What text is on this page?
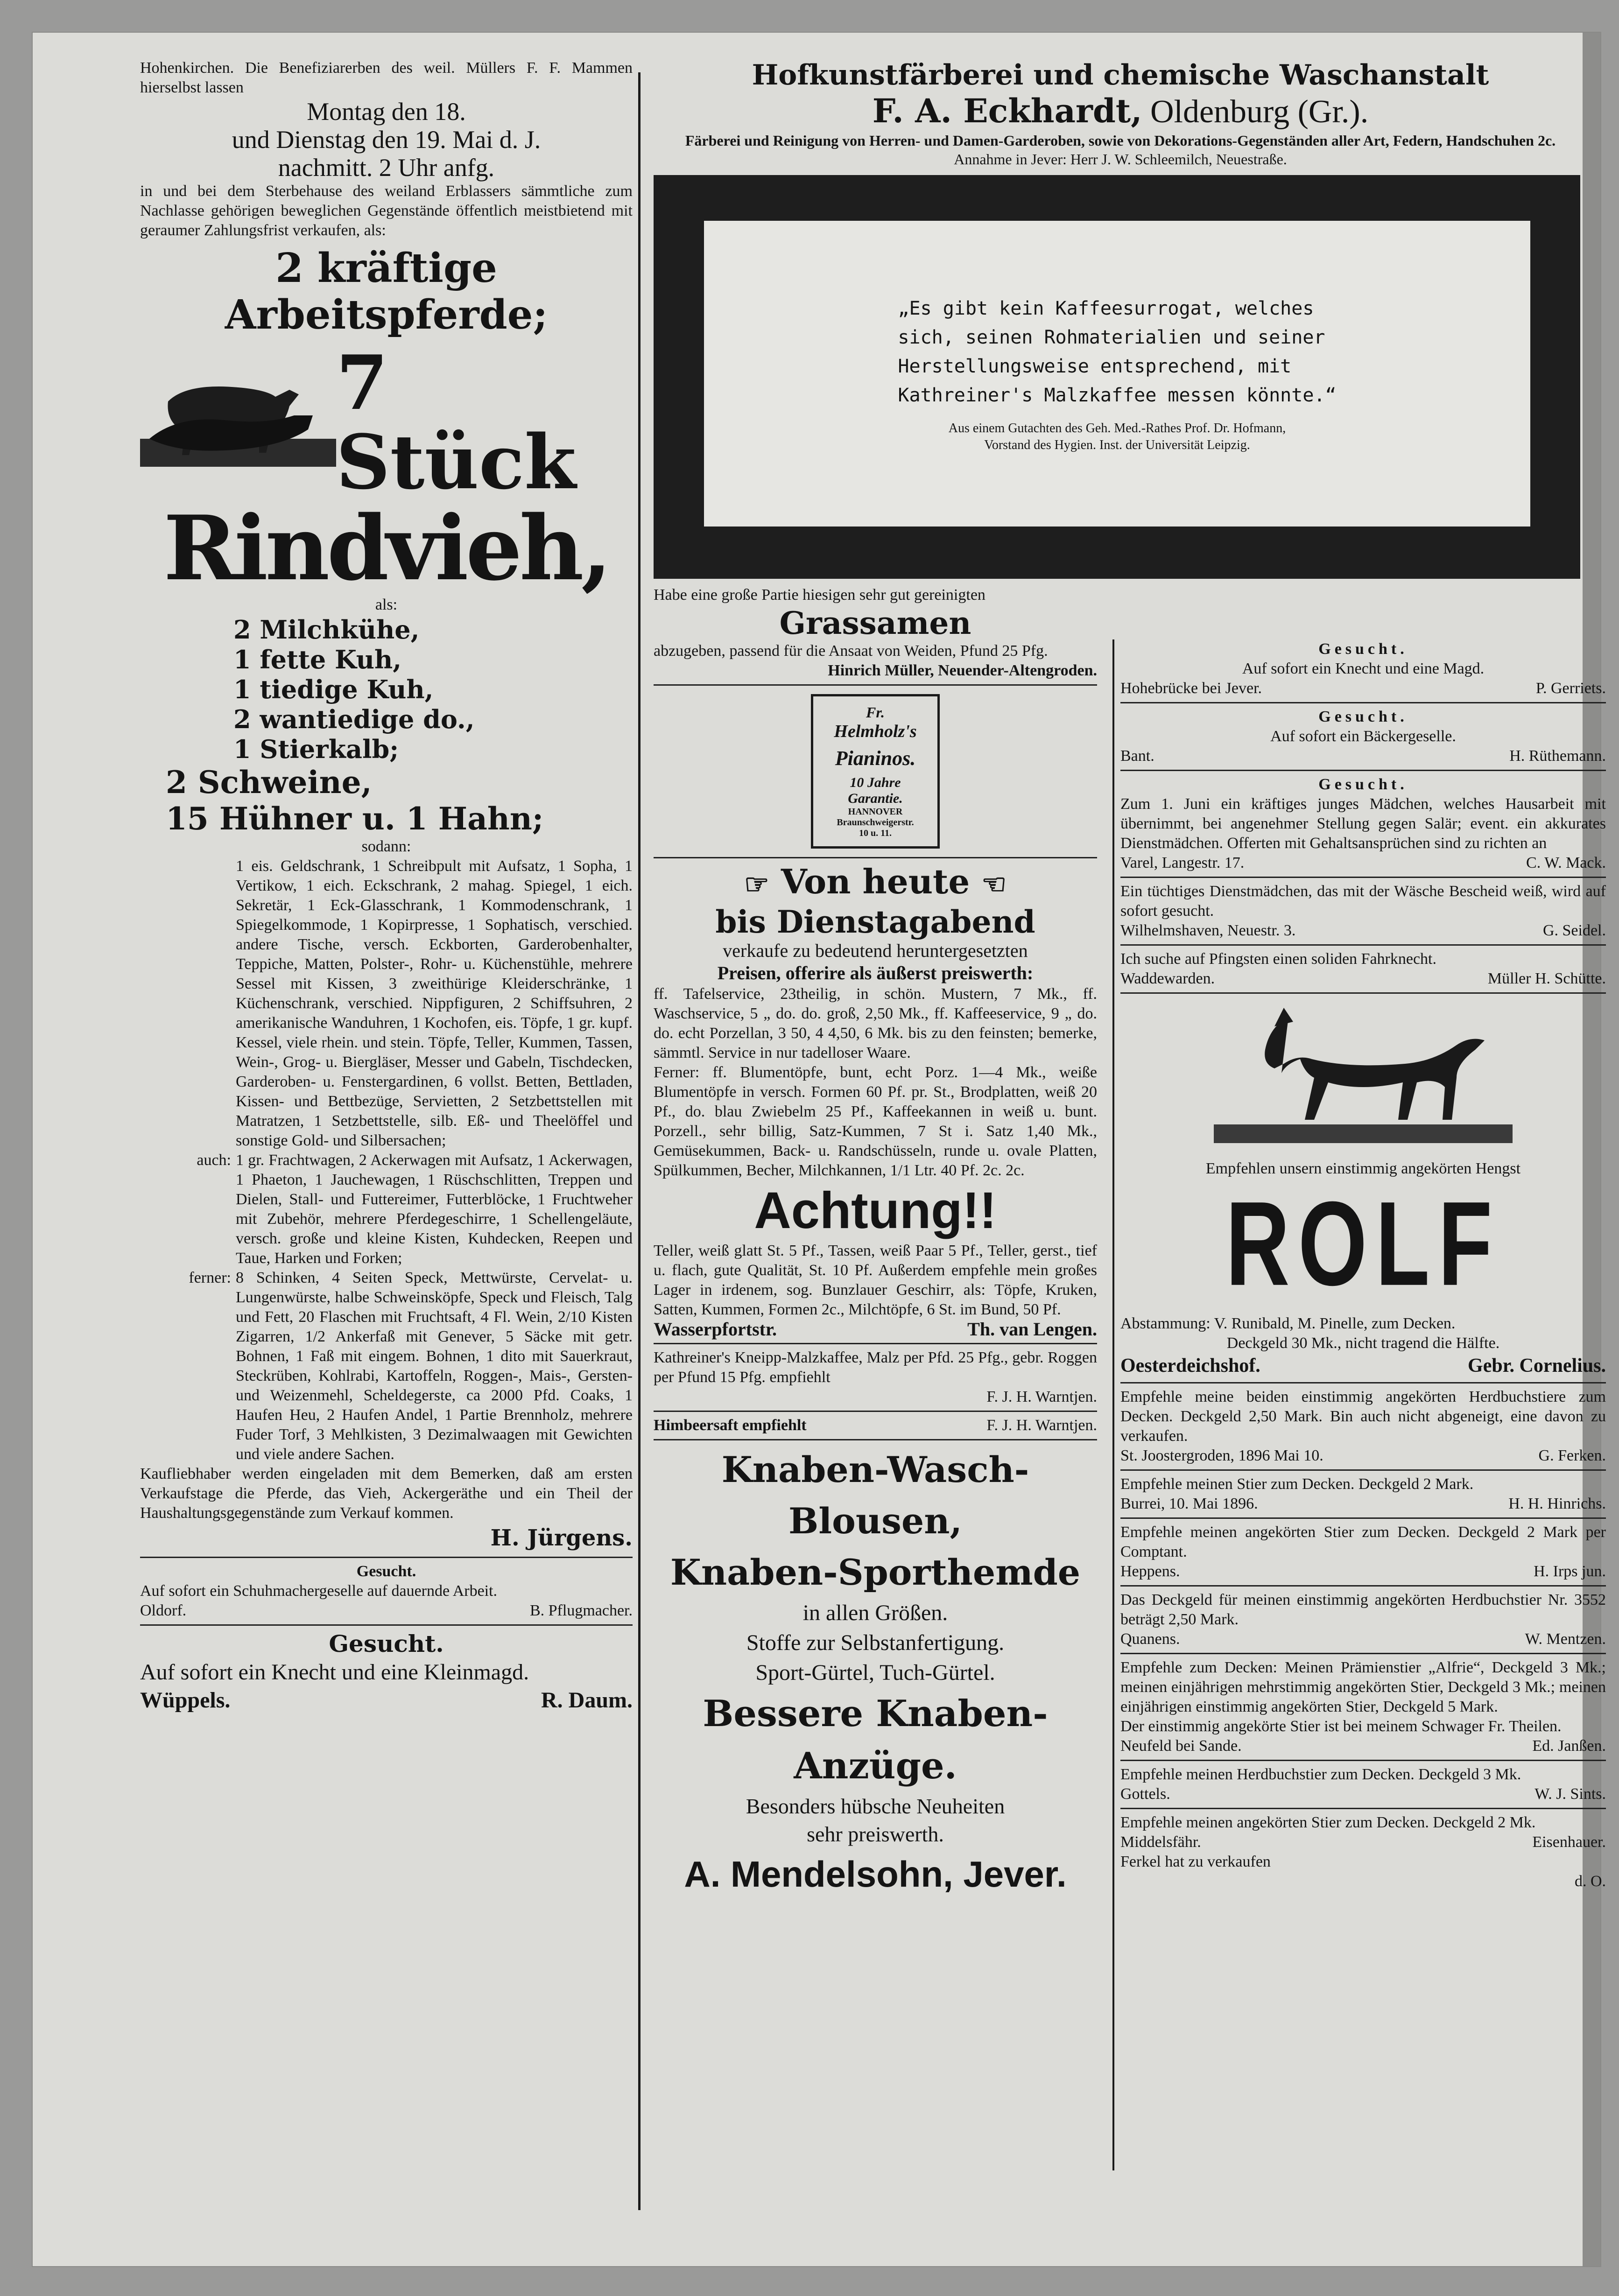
Hohenkirchen. Die Benefiziarerben des weil. Müllers F. F. Mammen hierselbst lassen

Montag den 18.

und Dienstag den 19. Mai d. J.

nachmitt. 2 Uhr anfg.

in und bei dem Sterbehause des weiland Erblassers sämmtliche zum Nachlasse gehörigen beweglichen Gegenstände öffentlich meistbietend mit geraumer Zahlungsfrist verkaufen, als:

2 kräftige

Arbeitspferde;

7 Stück

Rindvieh,

als:

2 Milchkühe,

1 fette Kuh,

1 tiedige Kuh,

2 wantiedige do.,

1 Stierkalb;

2 Schweine,

15 Hühner u. 1 Hahn;

sodann:

1 eis. Geldschrank, 1 Schreibpult mit Aufsatz, 1 Sopha, 1 Vertikow, 1 eich. Eckschrank, 2 mahag. Spiegel, 1 eich. Sekretär, 1 Eck-Glasschrank, 1 Kommodenschrank, 1 Spiegelkommode, 1 Kopirpresse, 1 Sophatisch, verschied. andere Tische, versch. Eckborten, Garderobenhalter, Teppiche, Matten, Polster-, Rohr- u. Küchenstühle, mehrere Sessel mit Kissen, 3 zweithürige Kleiderschränke, 1 Küchenschrank, verschied. Nippfiguren, 2 Schiffsuhren, 2 amerikanische Wanduhren, 1 Kochofen, eis. Töpfe, 1 gr. kupf. Kessel, viele rhein. und stein. Töpfe, Teller, Kummen, Tassen, Wein-, Grog- u. Biergläser, Messer und Gabeln, Tischdecken, Garderoben- u. Fenstergardinen, 6 vollst. Betten, Bettladen, Kissen- und Bettbezüge, Servietten, 2 Setzbettstellen mit Matratzen, 1 Setzbettstelle, silb. Eß- und Theelöffel und sonstige Gold- und Silbersachen;

auch: 1 gr. Frachtwagen, 2 Ackerwagen mit Aufsatz, 1 Ackerwagen, 1 Phaeton, 1 Jauchewagen, 1 Rüschschlitten, Treppen und Dielen, Stall- und Futtereimer, Futterblöcke, 1 Fruchtweher mit Zubehör, mehrere Pferdegeschirre, 1 Schellengeläute, versch. große und kleine Kisten, Kuhdecken, Reepen und Taue, Harken und Forken;

ferner: 8 Schinken, 4 Seiten Speck, Mettwürste, Cervelat- u. Lungenwürste, halbe Schweinsköpfe, Speck und Fleisch, Talg und Fett, 20 Flaschen mit Fruchtsaft, 4 Fl. Wein, 2/10 Kisten Zigarren, 1/2 Ankerfaß mit Genever, 5 Säcke mit getr. Bohnen, 1 Faß mit eingem. Bohnen, 1 dito mit Sauerkraut, Steckrüben, Kohlrabi, Kartoffeln, Roggen-, Mais-, Gersten- und Weizenmehl, Scheldegerste, ca 2000 Pfd. Coaks, 1 Haufen Heu, 2 Haufen Andel, 1 Partie Brennholz, mehrere Fuder Torf, 3 Mehlkisten, 3 Dezimalwaagen mit Gewichten und viele andere Sachen.

Kaufliebhaber werden eingeladen mit dem Bemerken, daß am ersten Verkaufstage die Pferde, das Vieh, Ackergeräthe und ein Theil der Haushaltungsgegenstände zum Verkauf kommen.

H. Jürgens.

Gesucht.

Auf sofort ein Schuhmachergeselle auf dauernde Arbeit.

Oldorf.	B. Pflugmacher.

Gesucht.

Auf sofort ein Knecht und eine Kleinmagd.

Wüppels.	R. Daum.

Hofkunstfärberei und chemische Waschanstalt

F. A. Eckhardt, Oldenburg (Gr.).

Färberei und Reinigung von Herren- und Damen-Garderoben, sowie von Dekorations-Gegenständen aller Art, Federn, Handschuhen 2c.

Annahme in Jever: Herr J. W. Schleemilch, Neuestraße.

„Es gibt kein Kaffeesurrogat, welches

sich, seinen Rohmaterialien und seiner

Herstellungsweise entsprechend, mit

Kathreiner's Malzkaffee messen könnte.“

Aus einem Gutachten des Geh. Med.-Rathes Prof. Dr. Hofmann,

Vorstand des Hygien. Inst. der Universität Leipzig.

Habe eine große Partie hiesigen sehr gut gereinigten

Grassamen

abzugeben, passend für die Ansaat von Weiden, Pfund 25 Pfg.

Hinrich Müller, Neuender-Altengroden.

Fr.
Helmholz's
Pianinos.
10 Jahre
Garantie.
HANNOVER
Braunschweigerstr.
10 u. 11.

☞ Von heute ☜

bis Dienstagabend

verkaufe zu bedeutend heruntergesetzten

Preisen, offerire als äußerst preiswerth:

ff. Tafelservice, 23theilig, in schön. Mustern, 7 Mk., ff. Waschservice, 5 „ do. do. groß, 2,50 Mk., ff. Kaffeeservice, 9 „ do. do. echt Porzellan, 3 50, 4 4,50, 6 Mk. bis zu den feinsten; bemerke, sämmtl. Service in nur tadelloser Waare.

Ferner: ff. Blumentöpfe, bunt, echt Porz. 1—4 Mk., weiße Blumentöpfe in versch. Formen 60 Pf. pr. St., Brodplatten, weiß 20 Pf., do. blau Zwiebelm 25 Pf., Kaffeekannen in weiß u. bunt. Porzell., sehr billig, Satz-Kummen, 7 St i. Satz 1,40 Mk., Gemüsekummen, Back- u. Randschüsseln, runde u. ovale Platten, Spülkummen, Becher, Milchkannen, 1/1 Ltr. 40 Pf. 2c. 2c.

Achtung!!

Teller, weiß glatt St. 5 Pf., Tassen, weiß Paar 5 Pf., Teller, gerst., tief u. flach, gute Qualität, St. 10 Pf. Außerdem empfehle mein großes Lager in irdenem, sog. Bunzlauer Geschirr, als: Töpfe, Kruken, Satten, Kummen, Formen 2c., Milchtöpfe, 6 St. im Bund, 50 Pf.

Wasserpfortstr.	Th. van Lengen.

Kathreiner's Kneipp-Malzkaffee, Malz per Pfd. 25 Pfg., gebr. Roggen per Pfund 15 Pfg. empfiehlt

F. J. H. Warntjen.

Himbeersaft empfiehlt	F. J. H. Warntjen.

Knaben-Wasch-Blousen,

Knaben-Sporthemde

in allen Größen.

Stoffe zur Selbstanfertigung.

Sport-Gürtel, Tuch-Gürtel.

Bessere Knaben-Anzüge.

Besonders hübsche Neuheiten

sehr preiswerth.

A. Mendelsohn, Jever.

Gesucht.

Auf sofort ein Knecht und eine Magd.

Hohebrücke bei Jever.	P. Gerriets.

Gesucht.

Auf sofort ein Bäckergeselle.

Bant.	H. Rüthemann.

Gesucht.

Zum 1. Juni ein kräftiges junges Mädchen, welches Hausarbeit mit übernimmt, bei angenehmer Stellung gegen Salär; event. ein akkurates Dienstmädchen. Offerten mit Gehaltsansprüchen sind zu richten an

Varel, Langestr. 17.	C. W. Mack.

Ein tüchtiges Dienstmädchen, das mit der Wäsche Bescheid weiß, wird auf sofort gesucht.

Wilhelmshaven, Neuestr. 3.	G. Seidel.

Ich suche auf Pfingsten einen soliden Fahrknecht.

Waddewarden.	Müller H. Schütte.

Empfehlen unsern einstimmig angekörten Hengst

ROLF

Abstammung: V. Runibald, M. Pinelle, zum Decken.

Deckgeld 30 Mk., nicht tragend die Hälfte.

Oesterdeichshof.	Gebr. Cornelius.

Empfehle meine beiden einstimmig angekörten Herdbuchstiere zum Decken. Deckgeld 2,50 Mark. Bin auch nicht abgeneigt, eine davon zu verkaufen.

St. Joostergroden, 1896 Mai 10.	G. Ferken.

Empfehle meinen Stier zum Decken. Deckgeld 2 Mark.

Burrei, 10. Mai 1896.	H. H. Hinrichs.

Empfehle meinen angekörten Stier zum Decken. Deckgeld 2 Mark per Comptant.

Heppens.	H. Irps jun.

Das Deckgeld für meinen einstimmig angekörten Herdbuchstier Nr. 3552 beträgt 2,50 Mark.

Quanens.	W. Mentzen.

Empfehle zum Decken: Meinen Prämienstier „Alfrie“, Deckgeld 3 Mk.; meinen einjährigen mehrstimmig angekörten Stier, Deckgeld 3 Mk.; meinen einjährigen einstimmig angekörten Stier, Deckgeld 5 Mark.

Der einstimmig angekörte Stier ist bei meinem Schwager Fr. Theilen.

Neufeld bei Sande.	Ed. Janßen.

Empfehle meinen Herdbuchstier zum Decken. Deckgeld 3 Mk.

Gottels.	W. J. Sints.

Empfehle meinen angekörten Stier zum Decken. Deckgeld 2 Mk.

Middelsfähr.	Eisenhauer.

Ferkel hat zu verkaufen

d. O.
